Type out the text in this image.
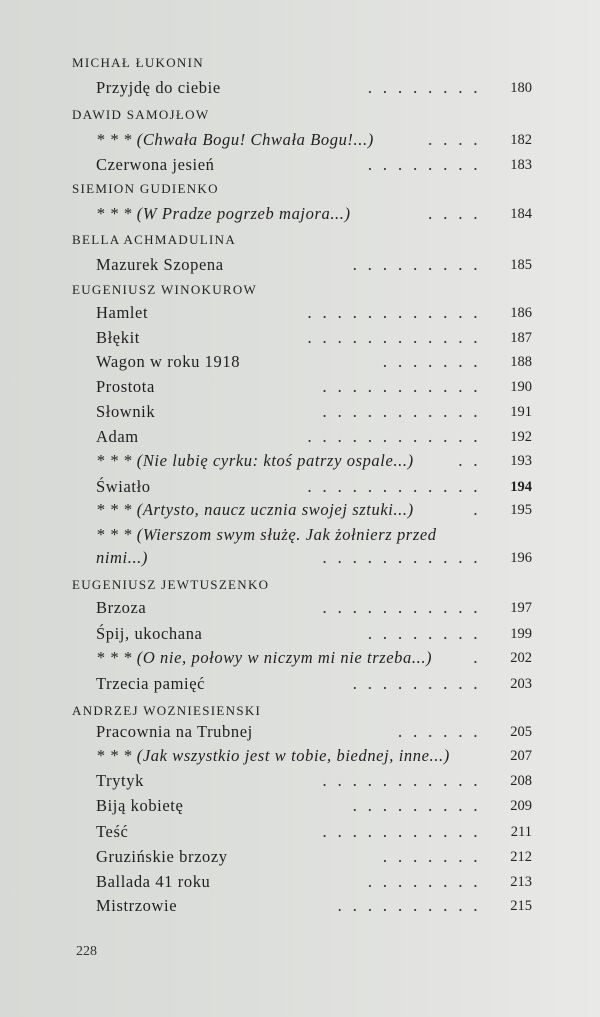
MICHAŁ ŁUKONIN
Przyjdę do ciebie	........	180
DAWID SAMOJŁOW
* * * (Chwała Bogu! Chwała Bogu!...)	....	182
Czerwona jesień	........	183
SIEMION GUDIENKO
* * * (W Pradze pogrzeb majora...)	....	184
BELLA ACHMADULINA
Mazurek Szopena	.........	185
EUGENIUSZ WINOKUROW
Hamlet	............	186
Błękit	............	187
Wagon w roku 1918	.......	188
Prostota	...........	190
Słownik	...........	191
Adam	............	192
* * * (Nie lubię cyrku: ktoś patrzy ospale...)	..	193
Światło	............	194
* * * (Artysto, naucz ucznia swojej sztuki...)	.	195
* * * (Wierszom swym służę. Jak żołnierz przed
nimi...)	...........	196
EUGENIUSZ JEWTUSZENKO
Brzoza	...........	197
Śpij, ukochana	........	199
* * * (O nie, połowy w niczym mi nie trzeba...)	.	202
Trzecia pamięć	.........	203
ANDRZEJ WOZNIESIENSKI
Pracownia na Trubnej	......	205
* * * (Jak wszystkio jest w tobie, biednej, inne...)	207
Trytyk	...........	208
Biją kobietę	.........	209
Teść	...........	211
Gruzińskie brzozy	.......	212
Ballada 41 roku	........	213
Mistrzowie	..........	215
228
